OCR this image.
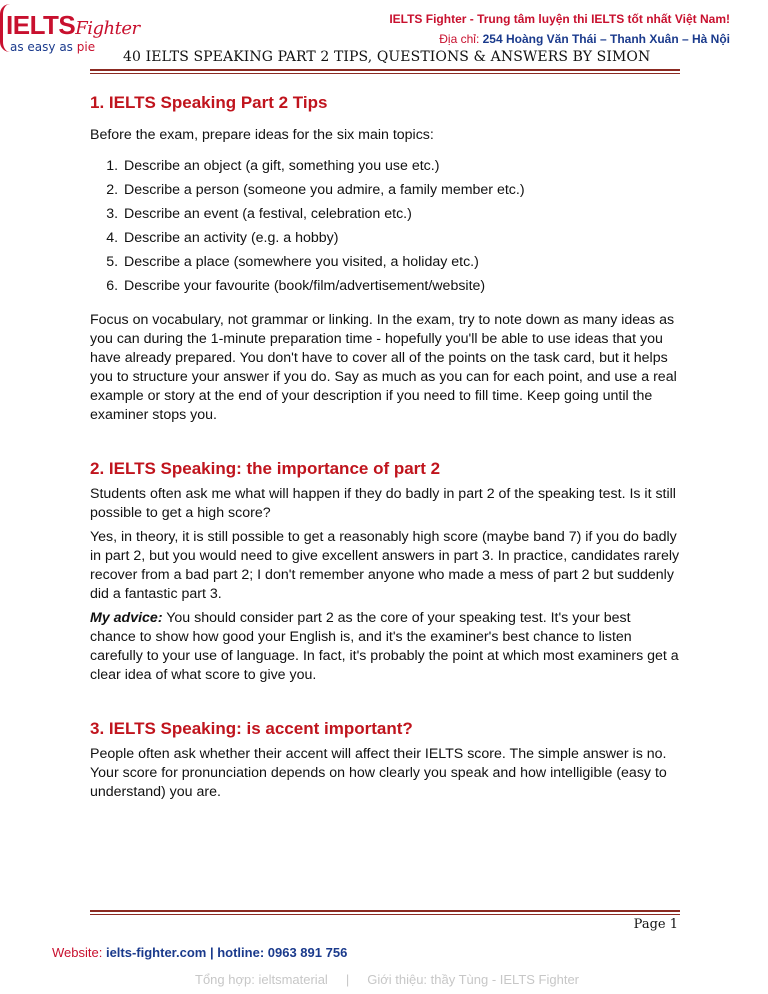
IELTSFighter
as easy as pie
IELTS Fighter - Trung tâm luyện thi IELTS tốt nhất Việt Nam!
Địa chỉ: 254 Hoàng Văn Thái – Thanh Xuân – Hà Nội
40 IELTS SPEAKING PART 2 TIPS, QUESTIONS & ANSWERS BY SIMON
1. IELTS Speaking Part 2 Tips

Before the exam, prepare ideas for the six main topics:

1. Describe an object (a gift, something you use etc.)
2. Describe a person (someone you admire, a family member etc.)
3. Describe an event (a festival, celebration etc.)
4. Describe an activity (e.g. a hobby)
5. Describe a place (somewhere you visited, a holiday etc.)
6. Describe your favourite (book/film/advertisement/website)

Focus on vocabulary, not grammar or linking. In the exam, try to note down as many ideas as you can during the 1-minute preparation time - hopefully you'll be able to use ideas that you have already prepared. You don't have to cover all of the points on the task card, but it helps you to structure your answer if you do. Say as much as you can for each point, and use a real example or story at the end of your description if you need to fill time. Keep going until the examiner stops you.

2. IELTS Speaking: the importance of part 2

Students often ask me what will happen if they do badly in part 2 of the speaking test. Is it still possible to get a high score?

Yes, in theory, it is still possible to get a reasonably high score (maybe band 7) if you do badly in part 2, but you would need to give excellent answers in part 3. In practice, candidates rarely recover from a bad part 2; I don't remember anyone who made a mess of part 2 but suddenly did a fantastic part 3.

My advice: You should consider part 2 as the core of your speaking test. It's your best chance to show how good your English is, and it's the examiner's best chance to listen carefully to your use of language. In fact, it's probably the point at which most examiners get a clear idea of what score to give you.

3. IELTS Speaking: is accent important?

People often ask whether their accent will affect their IELTS score. The simple answer is no. Your score for pronunciation depends on how clearly you speak and how intelligible (easy to understand) you are.

Page 1
Website: ielts-fighter.com | hotline: 0963 891 756
Tổng hợp: ieltsmaterial | Giới thiệu: thầy Tùng - IELTS Fighter
